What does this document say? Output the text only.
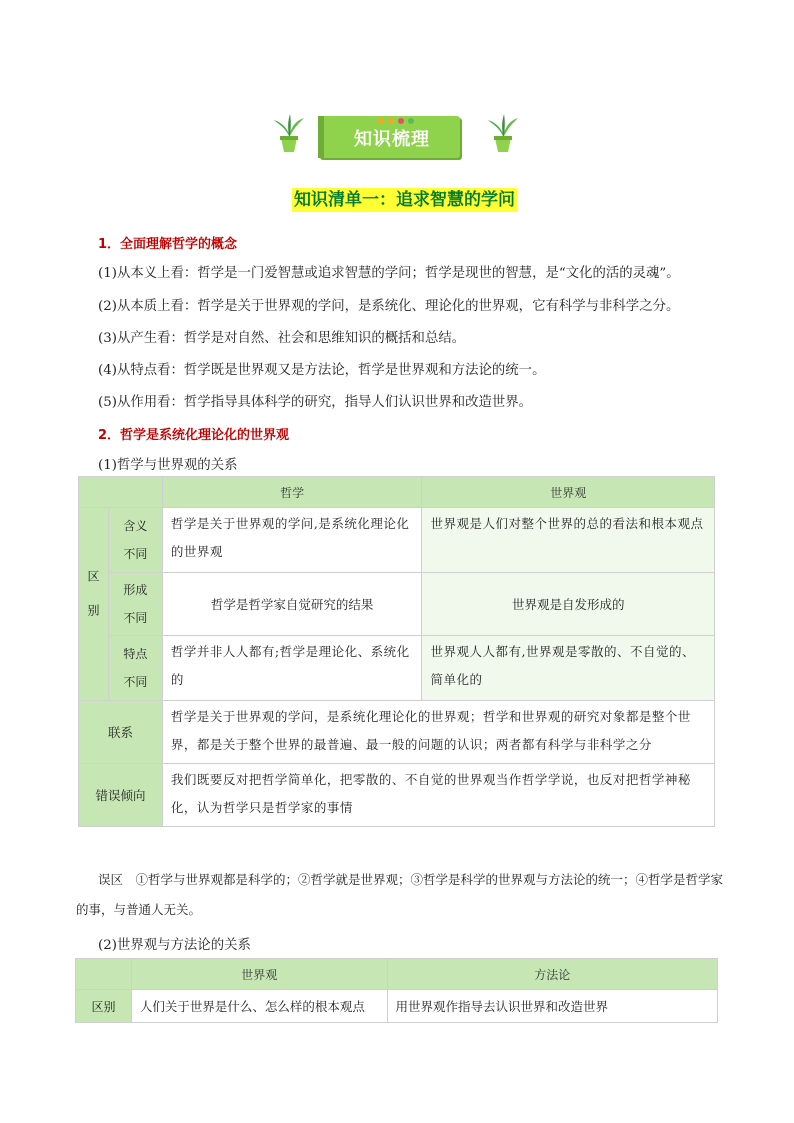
知识梳理
知识清单一：追求智慧的学问
1．全面理解哲学的概念
(1)从本义上看：哲学是一门爱智慧或追求智慧的学问；哲学是现世的智慧，是“文化的活的灵魂”。
(2)从本质上看：哲学是关于世界观的学问，是系统化、理论化的世界观，它有科学与非科学之分。
(3)从产生看：哲学是对自然、社会和思维知识的概括和总结。
(4)从特点看：哲学既是世界观又是方法论，哲学是世界观和方法论的统一。
(5)从作用看：哲学指导具体科学的研究，指导人们认识世界和改造世界。
2．哲学是系统化理论化的世界观
(1)哲学与世界观的关系
		哲学	世界观

区别	含义不同	哲学是关于世界观的学问,是系统化理论化的世界观	世界观是人们对整个世界的总的看法和根本观点

	形成不同	哲学是哲学家自觉研究的结果	世界观是自发形成的

	特点不同	哲学并非人人都有;哲学是理论化、系统化的	世界观人人都有,世界观是零散的、不自觉的、简单化的

联系		哲学是关于世界观的学问，是系统化理论化的世界观；哲学和世界观的研究对象都是整个世界，都是关于整个世界的最普遍、最一般的问题的认识；两者都有科学与非科学之分	

错误倾向		我们既要反对把哲学简单化，把零散的、不自觉的世界观当作哲学学说，也反对把哲学神秘化，认为哲学只是哲学家的事情	
误区　①哲学与世界观都是科学的；②哲学就是世界观；③哲学是科学的世界观与方法论的统一；④哲学是哲学家的事，与普通人无关。
(2)世界观与方法论的关系
	世界观	方法论
区别	人们关于世界是什么、怎么样的根本观点	用世界观作指导去认识世界和改造世界
